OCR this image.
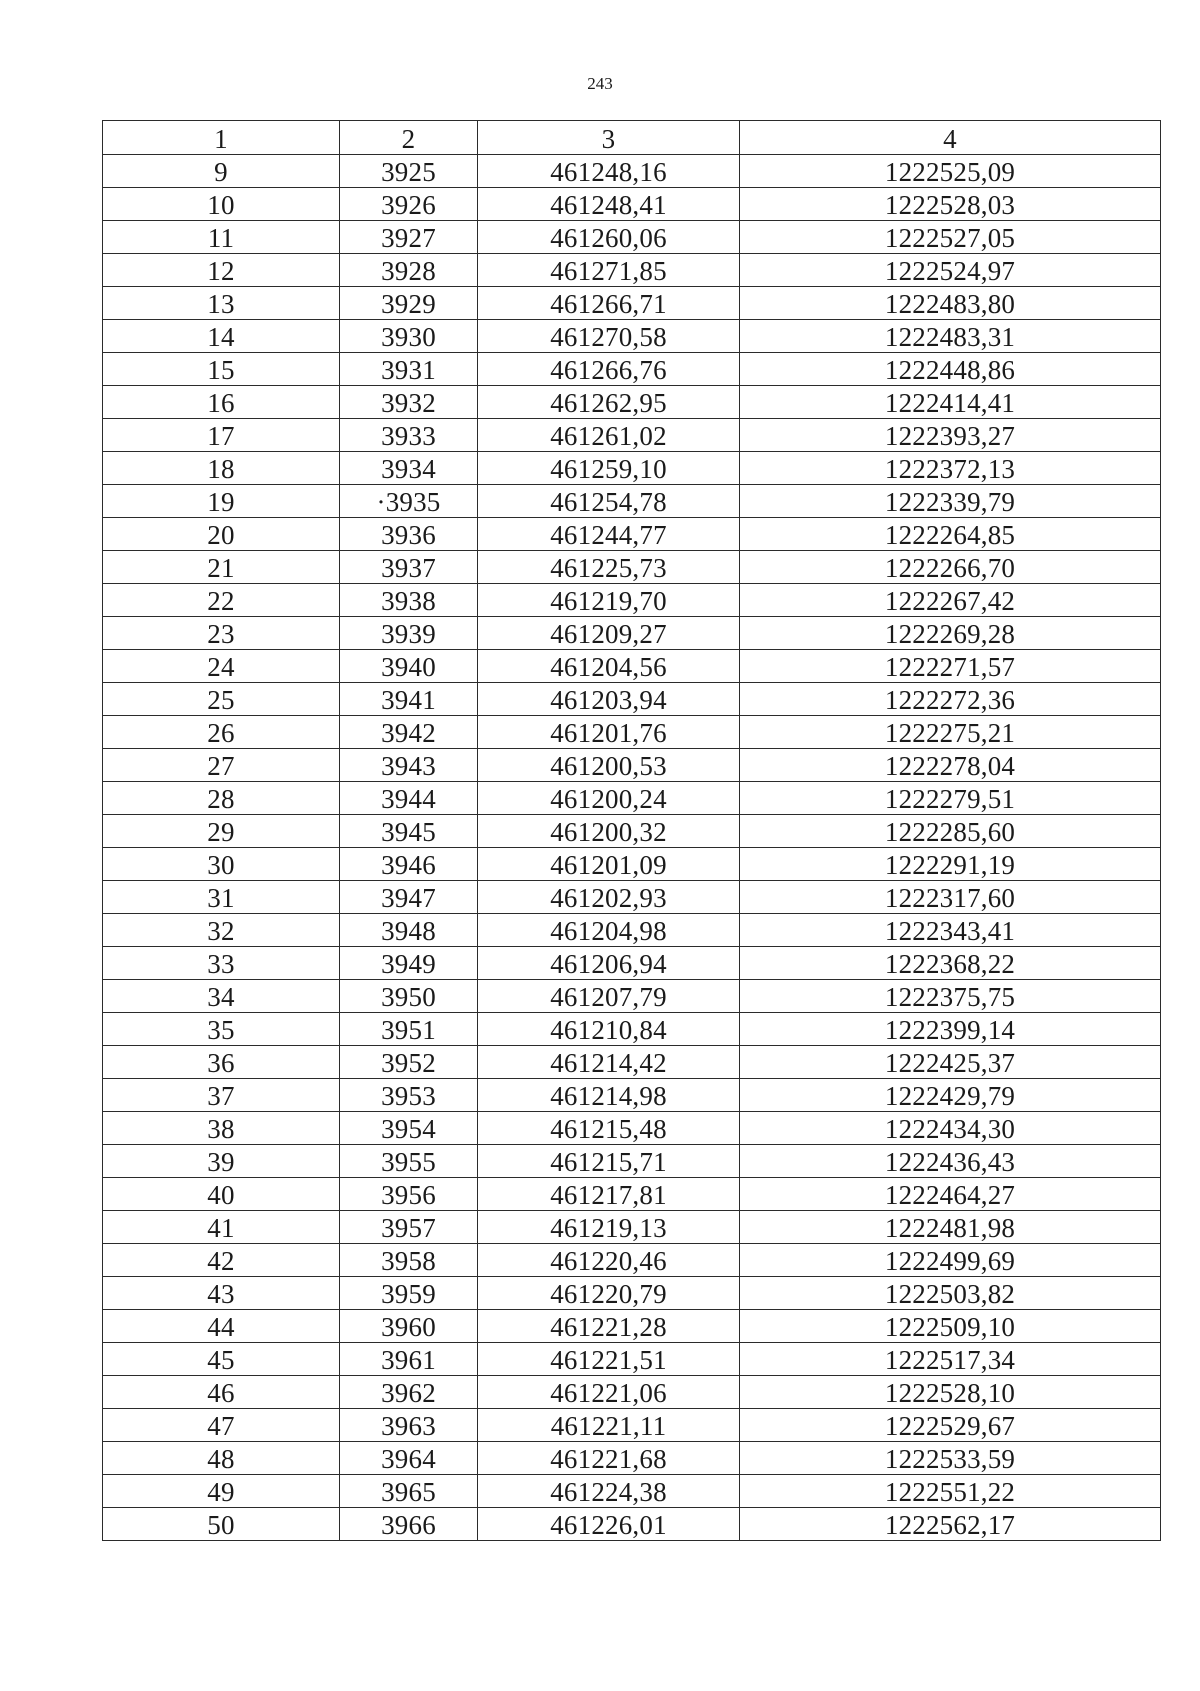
243
1	2	3	4
9	3925	461248,16	1222525,09
10	3926	461248,41	1222528,03
11	3927	461260,06	1222527,05
12	3928	461271,85	1222524,97
13	3929	461266,71	1222483,80
14	3930	461270,58	1222483,31
15	3931	461266,76	1222448,86
16	3932	461262,95	1222414,41
17	3933	461261,02	1222393,27
18	3934	461259,10	1222372,13
19	·3935	461254,78	1222339,79
20	3936	461244,77	1222264,85
21	3937	461225,73	1222266,70
22	3938	461219,70	1222267,42
23	3939	461209,27	1222269,28
24	3940	461204,56	1222271,57
25	3941	461203,94	1222272,36
26	3942	461201,76	1222275,21
27	3943	461200,53	1222278,04
28	3944	461200,24	1222279,51
29	3945	461200,32	1222285,60
30	3946	461201,09	1222291,19
31	3947	461202,93	1222317,60
32	3948	461204,98	1222343,41
33	3949	461206,94	1222368,22
34	3950	461207,79	1222375,75
35	3951	461210,84	1222399,14
36	3952	461214,42	1222425,37
37	3953	461214,98	1222429,79
38	3954	461215,48	1222434,30
39	3955	461215,71	1222436,43
40	3956	461217,81	1222464,27
41	3957	461219,13	1222481,98
42	3958	461220,46	1222499,69
43	3959	461220,79	1222503,82
44	3960	461221,28	1222509,10
45	3961	461221,51	1222517,34
46	3962	461221,06	1222528,10
47	3963	461221,11	1222529,67
48	3964	461221,68	1222533,59
49	3965	461224,38	1222551,22
50	3966	461226,01	1222562,17
